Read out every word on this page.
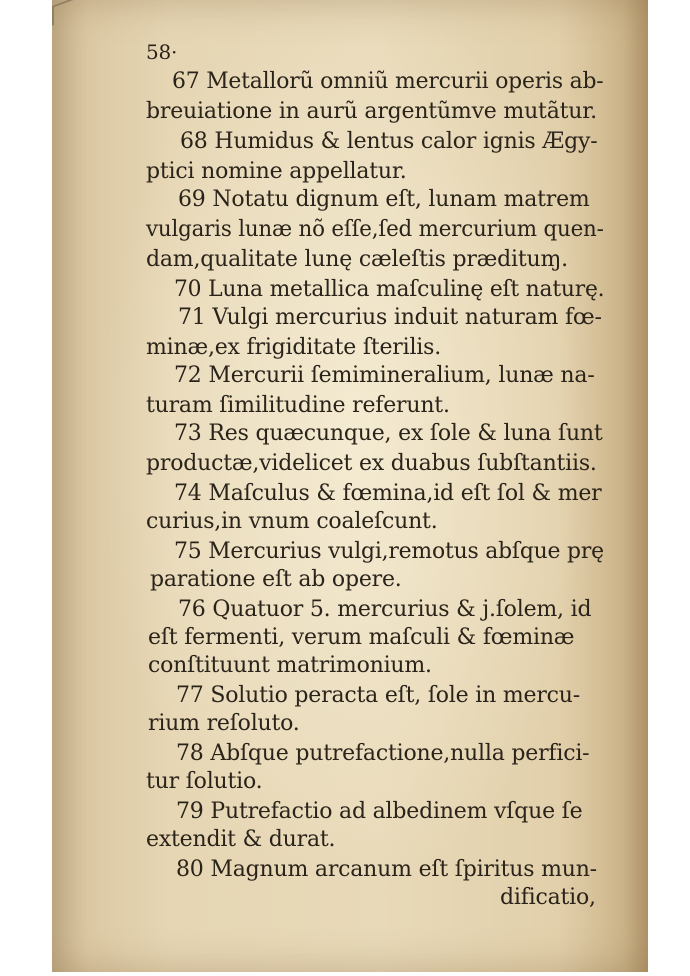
58·
67 Metallorũ omniũ mercurii operis ab-
breuiatione in aurũ argentũmve mutãtur.
68 Humidus & lentus calor ignis Ægy-
ptici nomine appellatur.
69 Notatu dignum eſt, lunam matrem
vulgaris lunæ nõ eſſe,ſed mercurium quen-
dam,qualitate lunę cæleſtis prædituɱ.
70 Luna metallica maſculinę eſt naturę.
71 Vulgi mercurius induit naturam fœ-
minæ,ex frigiditate ſterilis.
72 Mercurii ſemimineralium, lunæ na-
turam ſimilitudine referunt.
73 Res quæcunque, ex ſole & luna ſunt
productæ,videlicet ex duabus ſubſtantiis.
74 Maſculus & fœmina,id eſt ſol & mer
curius,in vnum coaleſcunt.
75 Mercurius vulgi,remotus abſque prę
paratione eſt ab opere.
76 Quatuor 5. mercurius & j.ſolem, id
eſt fermenti, verum maſculi & fœminæ
conſtituunt matrimonium.
77 Solutio peracta eſt, ſole in mercu-
rium reſoluto.
78 Abſque putrefactione,nulla perfici-
tur ſolutio.
79 Putrefactio ad albedinem vſque ſe
extendit & durat.
80 Magnum arcanum eſt ſpiritus mun-
dificatio,
